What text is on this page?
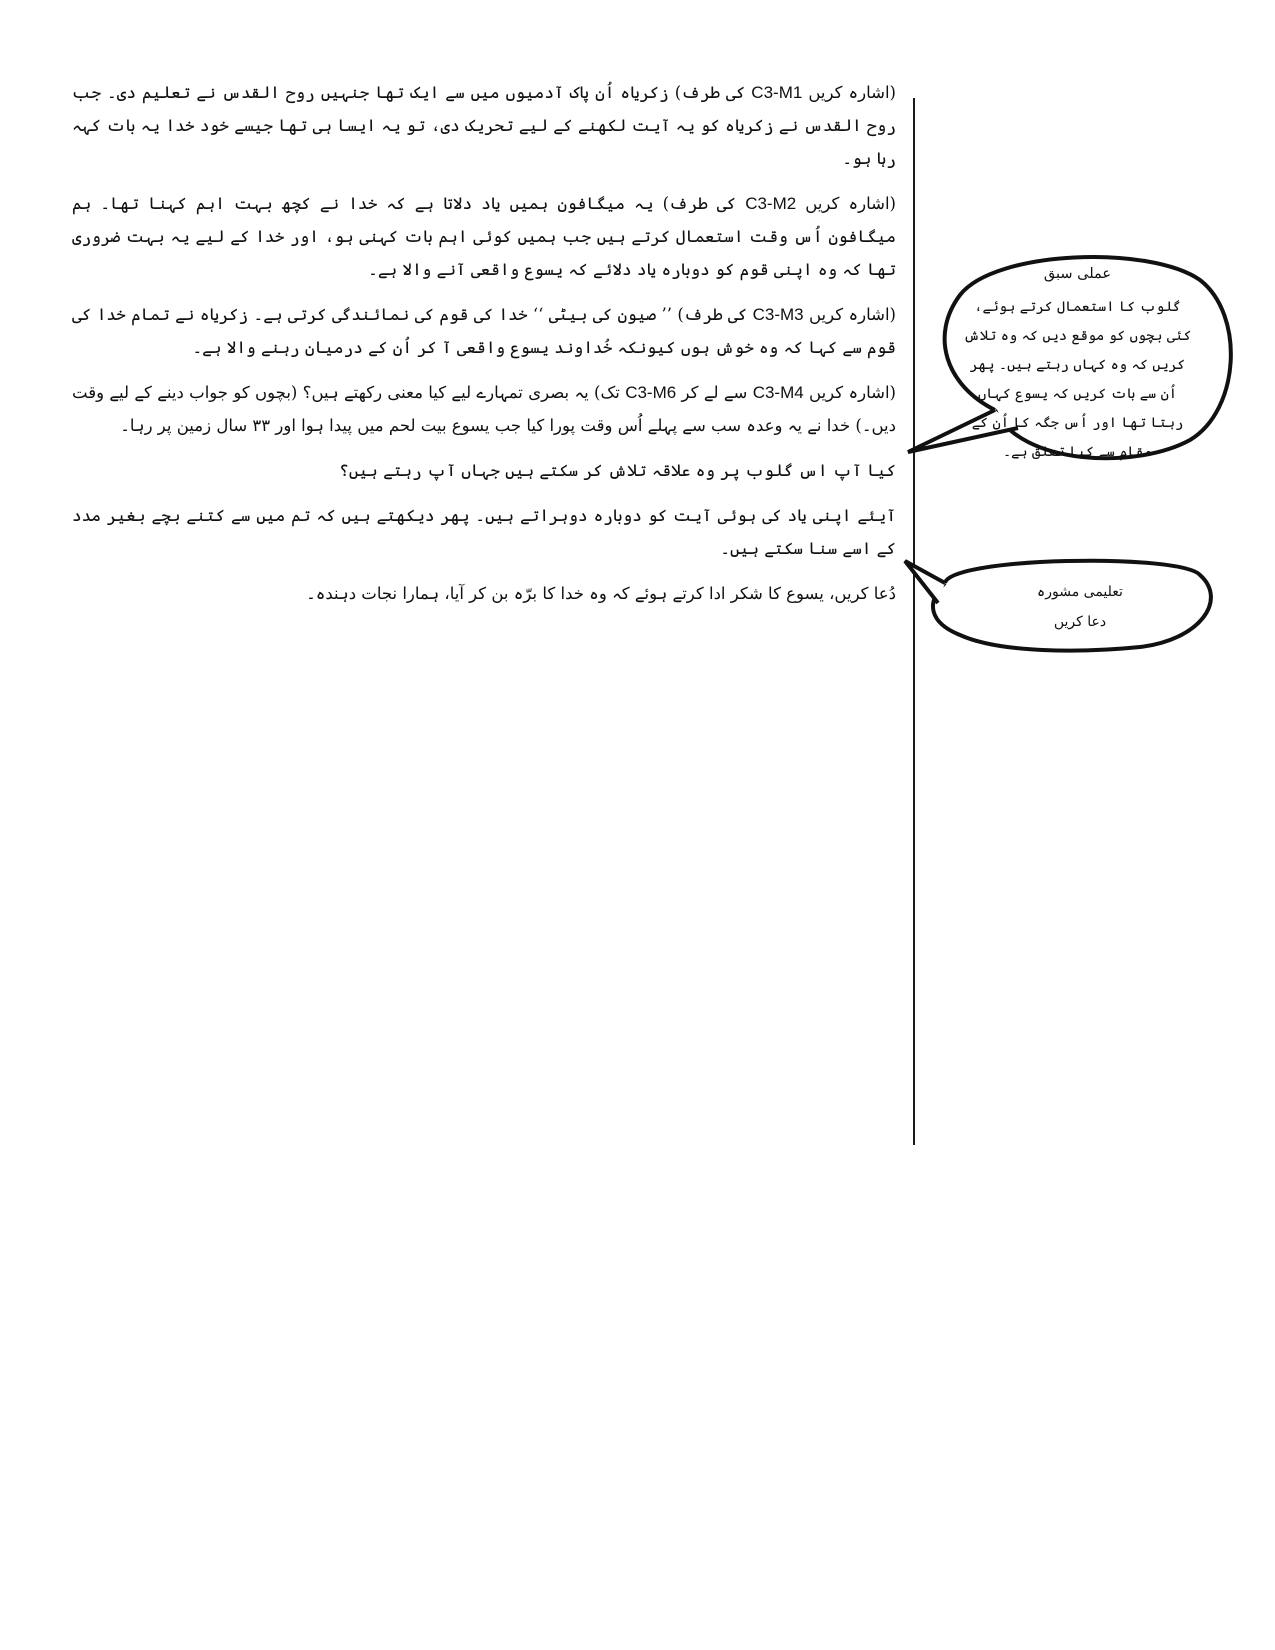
(اشارہ کریں C3-M1 کی طرف) زکریاہ اُن پاک آدمیوں میں سے ایک تھا جنہیں روح القدس نے تعلیم دی۔ جب روح القدس نے زکریاہ کو یہ آیت لکھنے کے لیے تحریک دی، تو یہ ایسا ہی تھا جیسے خود خدا یہ بات کہہ رہا ہو۔

(اشارہ کریں C3-M2 کی طرف) یہ میگافون ہمیں یاد دلاتا ہے کہ خدا نے کچھ بہت اہم کہنا تھا۔ ہم میگافون اُس وقت استعمال کرتے ہیں جب ہمیں کوئی اہم بات کہنی ہو، اور خدا کے لیے یہ بہت ضروری تھا کہ وہ اپنی قوم کو دوبارہ یاد دلائے کہ یسوع واقعی آنے والا ہے۔

(اشارہ کریں C3-M3 کی طرف) ’’ صیون کی بیٹی ‘‘ خدا کی قوم کی نمائندگی کرتی ہے۔ زکریاہ نے تمام خدا کی قوم سے کہا کہ وہ خوش ہوں کیونکہ خُداوند یسوع واقعی آ کر اُن کے درمیان رہنے والا ہے۔

(اشارہ کریں C3-M4 سے لے کر C3-M6 تک) یہ بصری تمہارے لیے کیا معنی رکھتے ہیں؟ (بچوں کو جواب دینے کے لیے وقت دیں۔) خدا نے یہ وعدہ سب سے پہلے اُس وقت پورا کیا جب یسوع بیت لحم میں پیدا ہوا اور ۳۳ سال زمین پر رہا۔

کیا آپ اس گلوب پر وہ علاقہ تلاش کر سکتے ہیں جہاں آپ رہتے ہیں؟

آیئے اپنی یاد کی ہوئی آیت کو دوبارہ دوہراتے ہیں۔ پھر دیکھتے ہیں کہ تم میں سے کتنے بچے بغیر مدد کے اسے سنا سکتے ہیں۔

دُعا کریں، یسوع کا شکر ادا کرتے ہوئے کہ وہ خدا کا برّہ بن کر آیا، ہمارا نجات دہندہ۔

عملی سبق
گلوب کا استعمال کرتے ہوئے، کئی بچوں کو موقع دیں کہ وہ تلاش کریں کہ وہ کہاں رہتے ہیں۔ پھر اُن سے بات کریں کہ یسوع کہاں رہتا تھا اور اُس جگہ کا اُن کے مقام سے کیا تعلق ہے۔
تعلیمی مشورہ
دعا کریں
